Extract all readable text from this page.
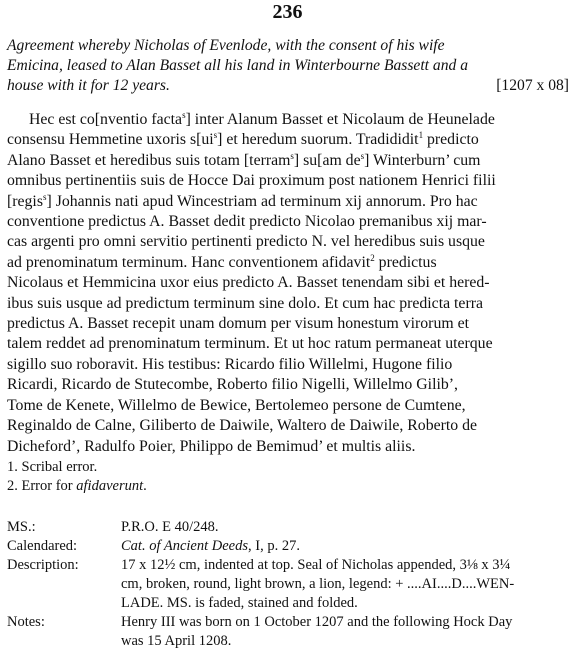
236
Agreement whereby Nicholas of Evenlode, with the consent of his wife
Emicina, leased to Alan Basset all his land in Winterbourne Bassett and a
house with it for 12 years.	[1207 x 08]
Hec est co[nventio facta$^s$] inter Alanum Basset et Nicolaum de Heunelade
consensu Hemmetine uxoris $s[ui^s]$ et heredum suorum. Tradididit$^1$ predicto
Alano Basset et heredibus suis totam [terram$^s$] su[am $de^s$] Winterburn’ cum
omnibus pertinentiis suis de Hocce Dai proximum post nationem Henrici filii
[regis$^s$] Johannis nati apud Wincestriam ad terminum xij annorum. Pro hac
conventione predictus A. Basset dedit predicto Nicolao premanibus xij mar-
cas argenti pro omni servitio pertinenti predicto N. vel heredibus suis usque
ad prenominatum terminum. Hanc conventionem afidavit$^2$ predictus
Nicolaus et Hemmicina uxor eius predicto A. Basset tenendam sibi et hered-
ibus suis usque ad predictum terminum sine dolo. Et cum hac predicta terra
predictus A. Basset recepit unam domum per visum honestum virorum et
talem reddet ad prenominatum terminum. Et ut hoc ratum permaneat uterque
sigillo suo roboravit. His testibus: Ricardo filio Willelmi, Hugone filio
Ricardi, Ricardo de Stutecombe, Roberto filio Nigelli, Willelmo Gilib’,
Tome de Kenete, Willelmo de Bewice, Bertolemeo persone de Cumtene,
Reginaldo de Calne, Giliberto de Daiwile, Waltero de Daiwile, Roberto de
Dicheford’, Radulfo Poier, Philippo de Bemimud’ et multis aliis.
1. Scribal error.
2. Error for afidaverunt.
MS.:	P.R.O. E 40/248.
Calendared:	Cat. of Ancient Deeds, I, p. 27.
Description:	17 x 12½ cm, indented at top. Seal of Nicholas appended, 3⅛ x 3¼
cm, broken, round, light brown, a lion, legend: + ....AI....D....WEN-
LADE. MS. is faded, stained and folded.
Notes:	Henry III was born on 1 October 1207 and the following Hock Day
was 15 April 1208.
